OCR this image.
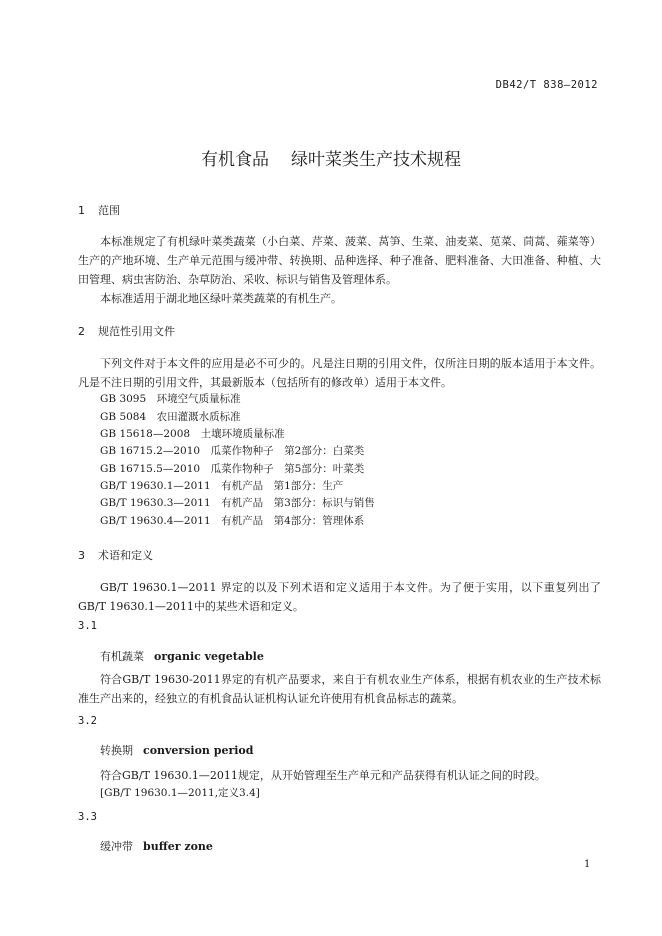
DB42/T 838—2012
有机食品 绿叶菜类生产技术规程
1 范围
本标准规定了有机绿叶菜类蔬菜（小白菜、芹菜、菠菜、莴笋、生菜、油麦菜、苋菜、茼蒿、蕹菜等）生产的产地环境、生产单元范围与缓冲带、转换期、品种选择、种子准备、肥料准备、大田准备、种植、大田管理、病虫害防治、杂草防治、采收、标识与销售及管理体系。
本标准适用于湖北地区绿叶菜类蔬菜的有机生产。
2 规范性引用文件
下列文件对于本文件的应用是必不可少的。凡是注日期的引用文件，仅所注日期的版本适用于本文件。凡是不注日期的引用文件，其最新版本（包括所有的修改单）适用于本文件。
GB 3095　环境空气质量标准
GB 5084　农田灌溉水质标准
GB 15618—2008　土壤环境质量标准
GB 16715.2—2010　瓜菜作物种子　第2部分：白菜类
GB 16715.5—2010　瓜菜作物种子　第5部分：叶菜类
GB/T 19630.1—2011　有机产品　第1部分：生产
GB/T 19630.3—2011　有机产品　第3部分：标识与销售
GB/T 19630.4—2011　有机产品　第4部分：管理体系
3 术语和定义
GB/T 19630.1—2011 界定的以及下列术语和定义适用于本文件。为了便于实用，以下重复列出了GB/T 19630.1—2011中的某些术语和定义。
3.1
有机蔬菜 organic vegetable
符合GB/T 19630-2011界定的有机产品要求，来自于有机农业生产体系，根据有机农业的生产技术标准生产出来的，经独立的有机食品认证机构认证允许使用有机食品标志的蔬菜。
3.2
转换期 conversion period
符合GB/T 19630.1—2011规定，从开始管理至生产单元和产品获得有机认证之间的时段。
[GB/T 19630.1—2011,定义3.4]
3.3
缓冲带 buffer zone
1
